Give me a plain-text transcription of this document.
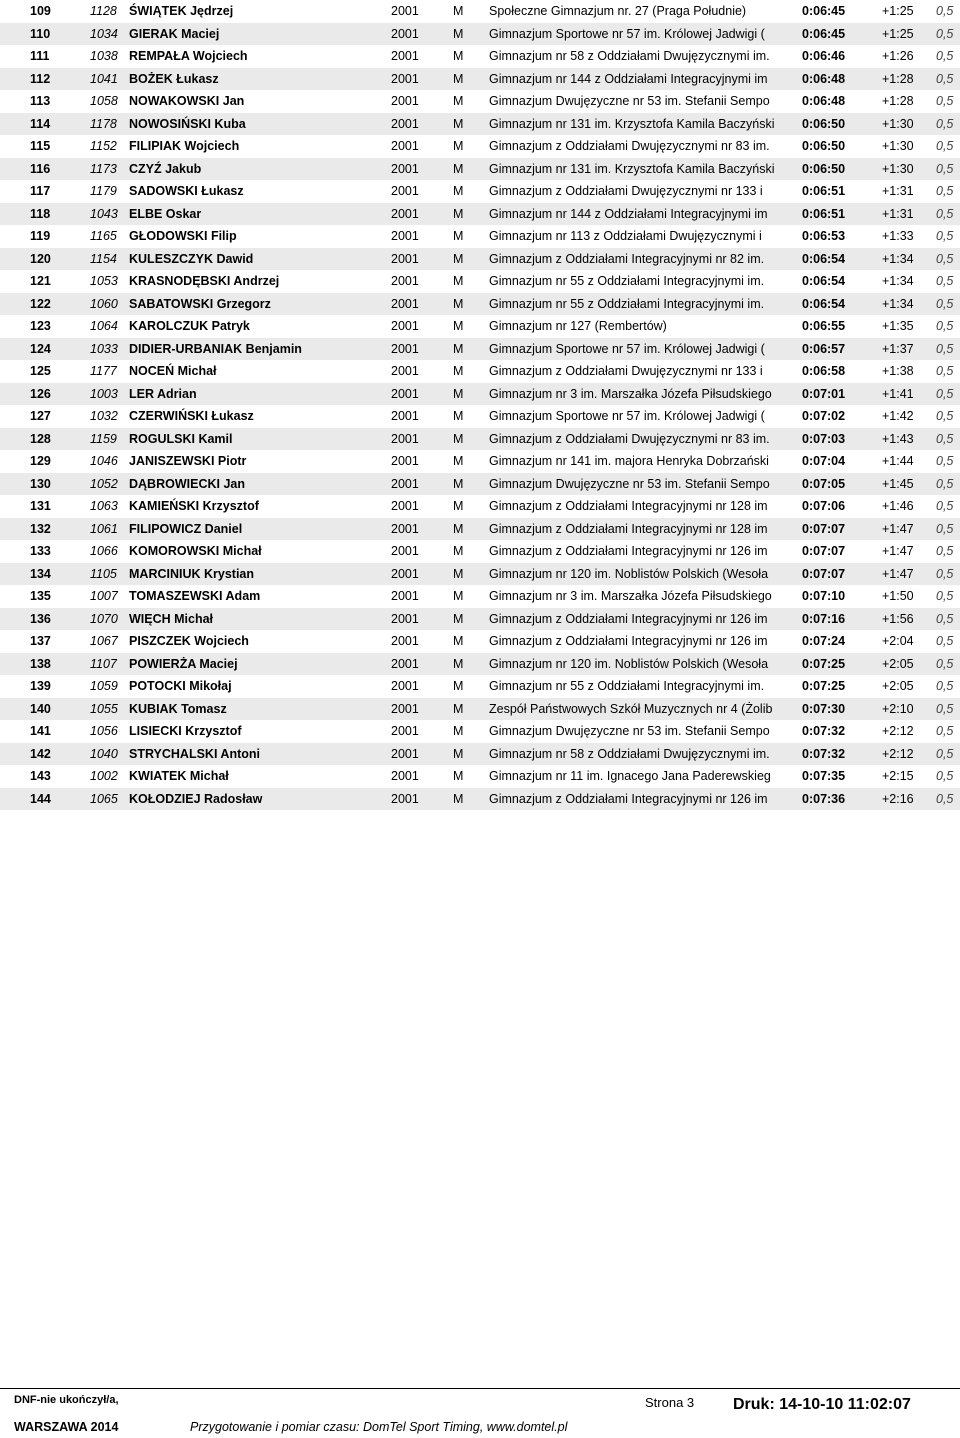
109	1128 ŚWIĄTEK Jędrzej	2001	M	Społeczne Gimnazjum nr. 27 (Praga Południe)	0:06:45	+1:25	0,5
110	1034 GIERAK Maciej	2001	M	Gimnazjum Sportowe nr 57 im. Królowej Jadwigi (	0:06:45	+1:25	0,5
111	1038 REMPAŁA Wojciech	2001	M	Gimnazjum nr 58 z Oddziałami Dwujęzycznymi im.	0:06:46	+1:26	0,5
112	1041 BOŻEK Łukasz	2001	M	Gimnazjum nr 144 z Oddziałami Integracyjnymi im	0:06:48	+1:28	0,5
113	1058 NOWAKOWSKI Jan	2001	M	Gimnazjum Dwujęzyczne nr 53 im. Stefanii Sempo	0:06:48	+1:28	0,5
114	1178 NOWOSIŃSKI Kuba	2001	M	Gimnazjum nr 131 im. Krzysztofa Kamila Baczyński	0:06:50	+1:30	0,5
115	1152 FILIPIAK Wojciech	2001	M	Gimnazjum z Oddziałami Dwujęzycznymi nr 83 im.	0:06:50	+1:30	0,5
116	1173 CZYŹ Jakub	2001	M	Gimnazjum nr 131 im. Krzysztofa Kamila Baczyński	0:06:50	+1:30	0,5
117	1179 SADOWSKI Łukasz	2001	M	Gimnazjum z Oddziałami Dwujęzycznymi nr 133 i	0:06:51	+1:31	0,5
118	1043 ELBE Oskar	2001	M	Gimnazjum nr 144 z Oddziałami Integracyjnymi im	0:06:51	+1:31	0,5
119	1165 GŁODOWSKI Filip	2001	M	Gimnazjum nr 113 z Oddziałami Dwujęzycznymi i	0:06:53	+1:33	0,5
120	1154 KULESZCZYK Dawid	2001	M	Gimnazjum z Oddziałami Integracyjnymi nr 82 im.	0:06:54	+1:34	0,5
121	1053 KRASNODĘBSKI Andrzej	2001	M	Gimnazjum nr 55 z Oddziałami Integracyjnymi im.	0:06:54	+1:34	0,5
122	1060 SABATOWSKI Grzegorz	2001	M	Gimnazjum nr 55 z Oddziałami Integracyjnymi im.	0:06:54	+1:34	0,5
123	1064 KAROLCZUK Patryk	2001	M	Gimnazjum nr 127 (Rembertów)	0:06:55	+1:35	0,5
124	1033 DIDIER-URBANIAK Benjamin	2001	M	Gimnazjum Sportowe nr 57 im. Królowej Jadwigi (	0:06:57	+1:37	0,5
125	1177 NOCEŃ Michał	2001	M	Gimnazjum z Oddziałami Dwujęzycznymi nr 133 i	0:06:58	+1:38	0,5
126	1003 LER Adrian	2001	M	Gimnazjum nr 3 im. Marszałka Józefa Piłsudskiego	0:07:01	+1:41	0,5
127	1032 CZERWIŃSKI Łukasz	2001	M	Gimnazjum Sportowe nr 57 im. Królowej Jadwigi (	0:07:02	+1:42	0,5
128	1159 ROGULSKI Kamil	2001	M	Gimnazjum z Oddziałami Dwujęzycznymi nr 83 im.	0:07:03	+1:43	0,5
129	1046 JANISZEWSKI Piotr	2001	M	Gimnazjum nr 141 im. majora Henryka Dobrzański	0:07:04	+1:44	0,5
130	1052 DĄBROWIECKI Jan	2001	M	Gimnazjum Dwujęzyczne nr 53 im. Stefanii Sempo	0:07:05	+1:45	0,5
131	1063 KAMIEŃSKI Krzysztof	2001	M	Gimnazjum z Oddziałami Integracyjnymi nr 128 im	0:07:06	+1:46	0,5
132	1061 FILIPOWICZ Daniel	2001	M	Gimnazjum z Oddziałami Integracyjnymi nr 128 im	0:07:07	+1:47	0,5
133	1066 KOMOROWSKI Michał	2001	M	Gimnazjum z Oddziałami Integracyjnymi nr 126 im	0:07:07	+1:47	0,5
134	1105 MARCINIUK Krystian	2001	M	Gimnazjum nr 120 im. Noblistów Polskich (Wesoła	0:07:07	+1:47	0,5
135	1007 TOMASZEWSKI Adam	2001	M	Gimnazjum nr 3 im. Marszałka Józefa Piłsudskiego	0:07:10	+1:50	0,5
136	1070 WIĘCH Michał	2001	M	Gimnazjum z Oddziałami Integracyjnymi nr 126 im	0:07:16	+1:56	0,5
137	1067 PISZCZEK Wojciech	2001	M	Gimnazjum z Oddziałami Integracyjnymi nr 126 im	0:07:24	+2:04	0,5
138	1107 POWIERŻA Maciej	2001	M	Gimnazjum nr 120 im. Noblistów Polskich (Wesoła	0:07:25	+2:05	0,5
139	1059 POTOCKI Mikołaj	2001	M	Gimnazjum nr 55 z Oddziałami Integracyjnymi im.	0:07:25	+2:05	0,5
140	1055 KUBIAK Tomasz	2001	M	Zespół Państwowych Szkół Muzycznych nr 4 (Żolib	0:07:30	+2:10	0,5
141	1056 LISIECKI Krzysztof	2001	M	Gimnazjum Dwujęzyczne nr 53 im. Stefanii Sempo	0:07:32	+2:12	0,5
142	1040 STRYCHALSKI Antoni	2001	M	Gimnazjum nr 58 z Oddziałami Dwujęzycznymi im.	0:07:32	+2:12	0,5
143	1002 KWIATEK Michał	2001	M	Gimnazjum nr 11 im. Ignacego Jana Paderewskieg	0:07:35	+2:15	0,5
144	1065 KOŁODZIEJ Radosław	2001	M	Gimnazjum z Oddziałami Integracyjnymi nr 126 im	0:07:36	+2:16	0,5
DNF-nie ukończył/a,
WARSZAWA 2014	Przygotowanie i pomiar czasu: DomTel Sport Timing, www.domtel.pl
Strona 3 Druk: 14-10-10 11:02:07
